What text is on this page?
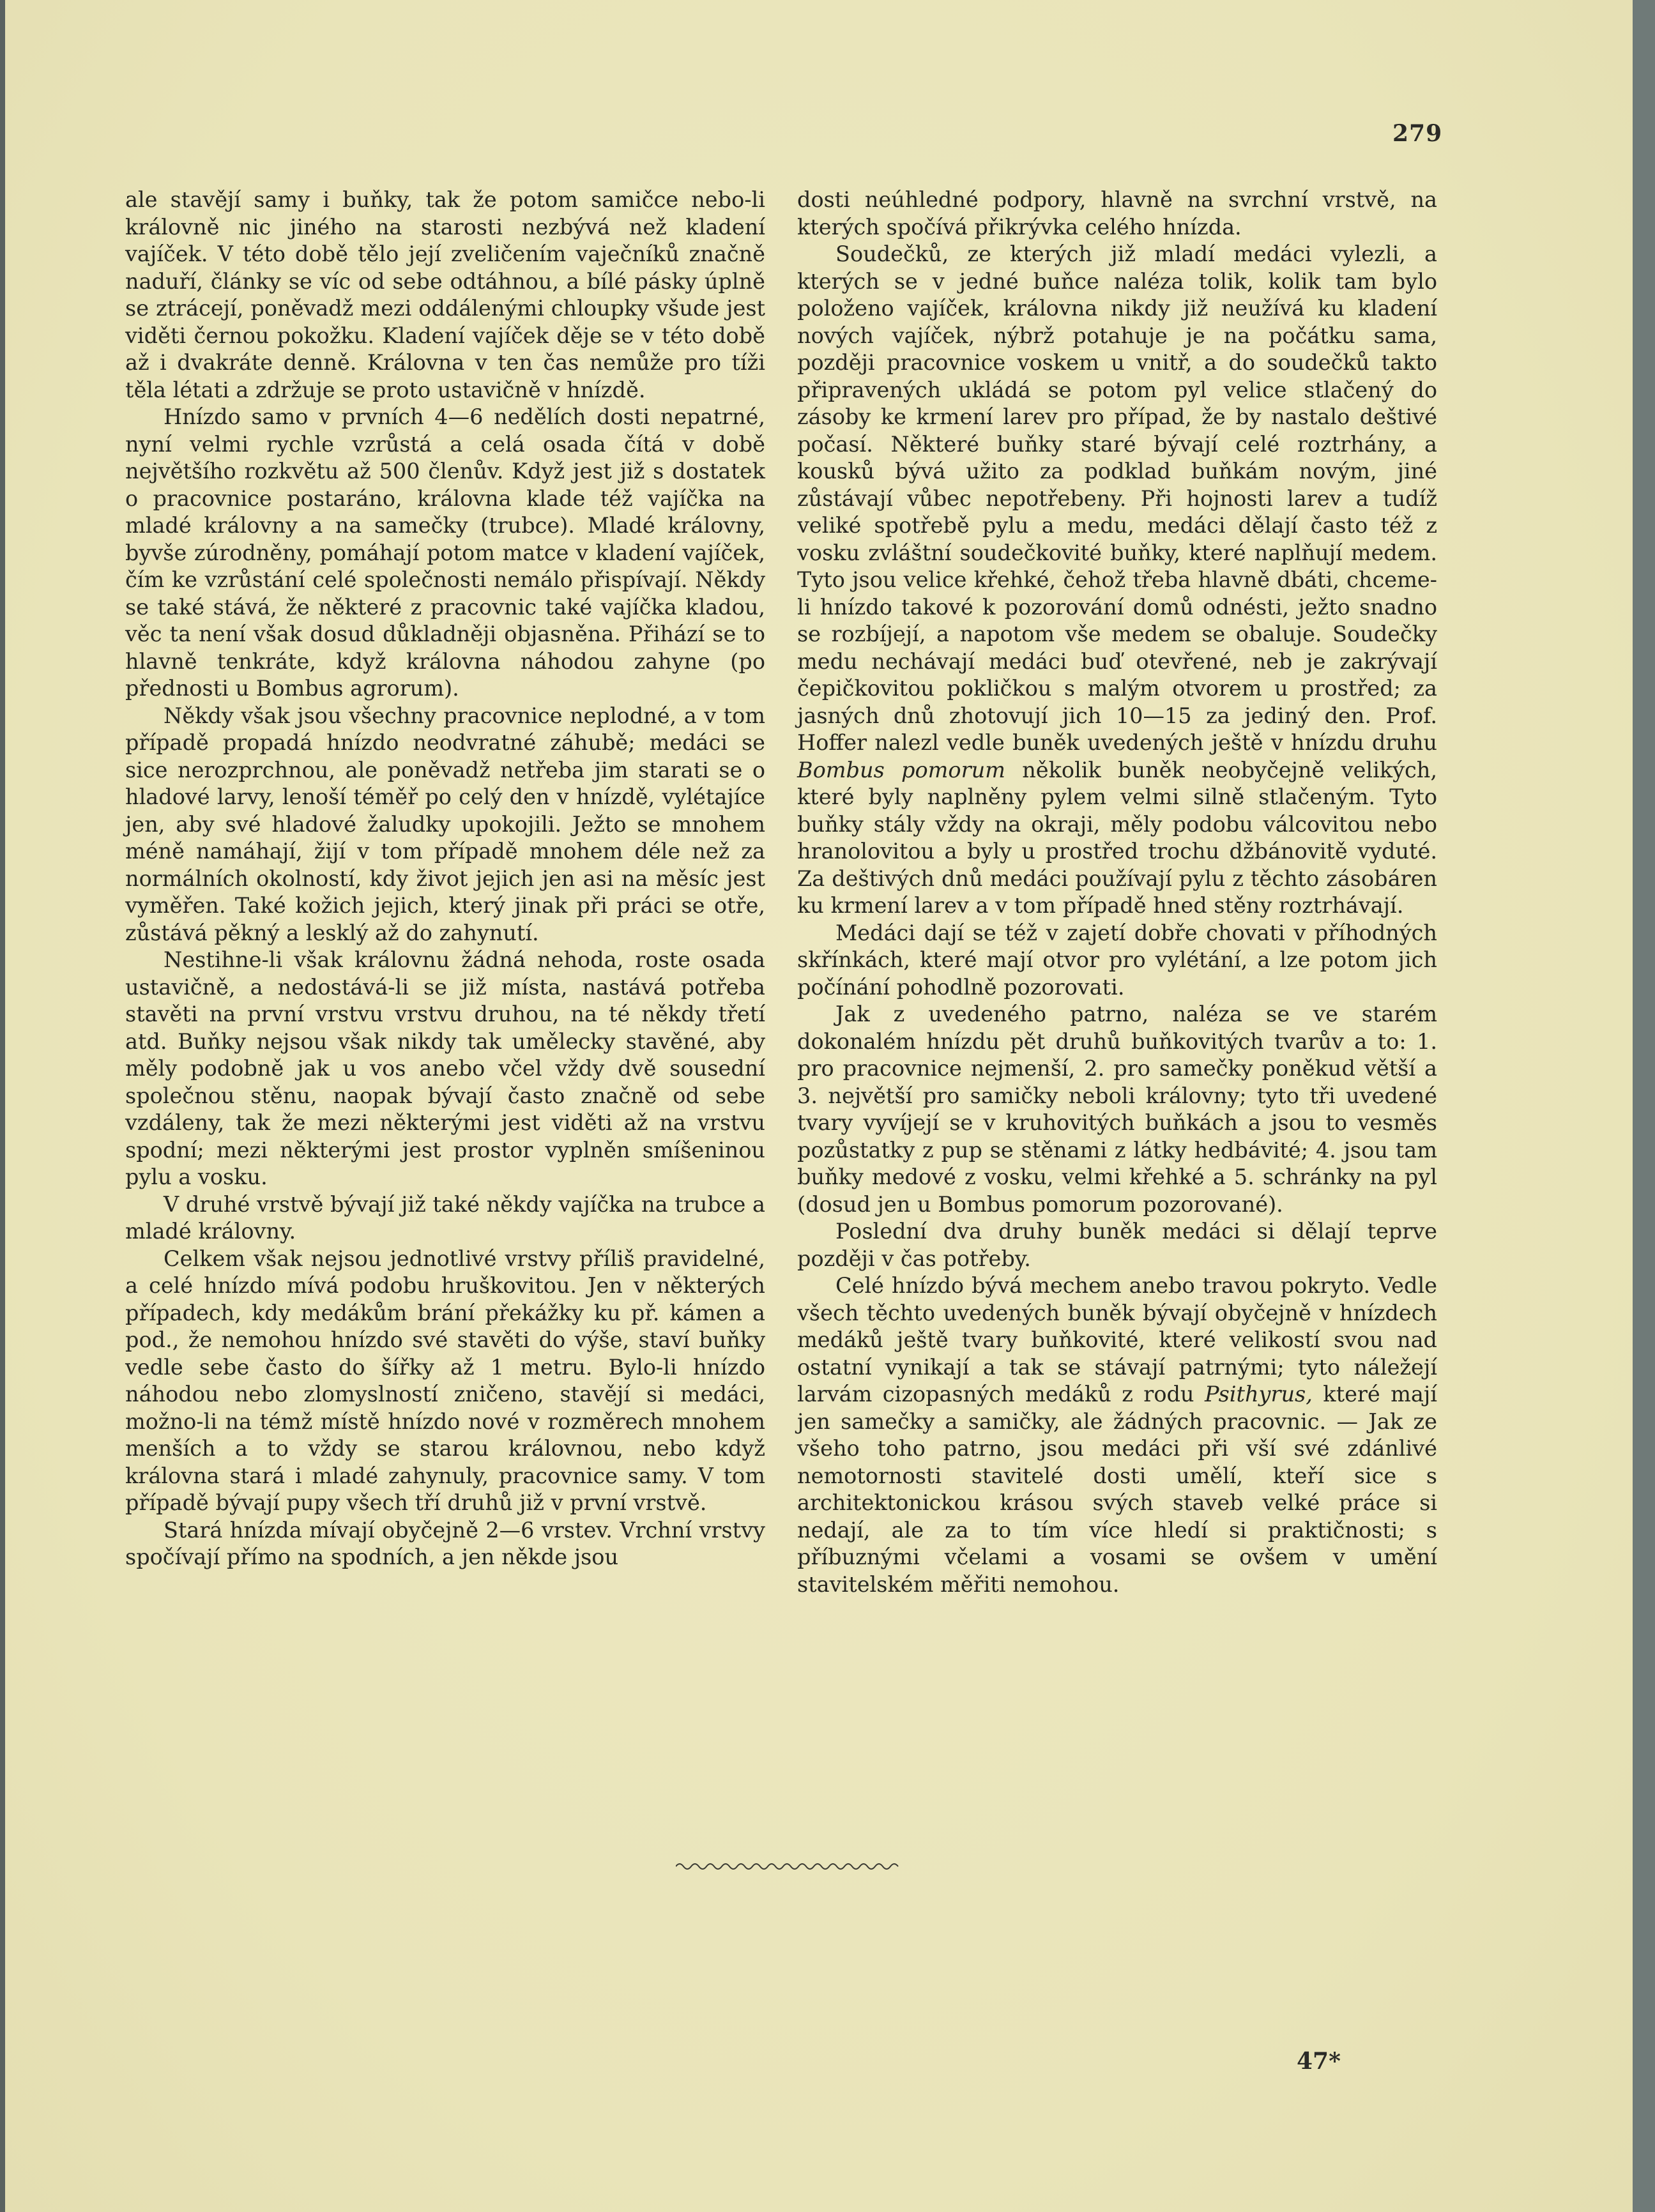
279

ale stavějí samy i buňky, tak že potom samičce nebo-li královně nic jiného na starosti nezbývá než kladení vajíček. V této době tělo její zveličením vaječníků značně naduří, články se víc od sebe odtáhnou, a bílé pásky úplně se ztrácejí, poněvadž mezi oddálenými chloupky všude jest viděti černou pokožku. Kladení vajíček děje se v této době až i dvakráte denně. Královna v ten čas nemůže pro tíži těla létati a zdržuje se proto ustavičně v hnízdě.

Hnízdo samo v prvních 4—6 nedělích dosti nepatrné, nyní velmi rychle vzrůstá a celá osada čítá v době největšího rozkvětu až 500 členův. Když jest již s dostatek o pracovnice postaráno, královna klade též vajíčka na mladé královny a na samečky (trubce). Mladé královny, byvše zúrodněny, pomáhají potom matce v kladení vajíček, čím ke vzrůstání celé společnosti nemálo přispívají. Někdy se také stává, že některé z pracovnic také vajíčka kladou, věc ta není však dosud důkladněji objasněna. Přihází se to hlavně tenkráte, když královna náhodou zahyne (po přednosti u Bombus agrorum).

Někdy však jsou všechny pracovnice neplodné, a v tom případě propadá hnízdo neodvratné záhubě; medáci se sice nerozprchnou, ale poněvadž netřeba jim starati se o hladové larvy, lenoší téměř po celý den v hnízdě, vylétajíce jen, aby své hladové žaludky upokojili. Ježto se mnohem méně namáhají, žijí v tom případě mnohem déle než za normálních okolností, kdy život jejich jen asi na měsíc jest vyměřen. Také kožich jejich, který jinak při práci se otře, zůstává pěkný a lesklý až do zahynutí.

Nestihne-li však královnu žádná nehoda, roste osada ustavičně, a nedostává-li se již místa, nastává potřeba stavěti na první vrstvu vrstvu druhou, na té někdy třetí atd. Buňky nejsou však nikdy tak umělecky stavěné, aby měly podobně jak u vos anebo včel vždy dvě sousední společnou stěnu, naopak bývají často značně od sebe vzdáleny, tak že mezi některými jest viděti až na vrstvu spodní; mezi některými jest prostor vyplněn smíšeninou pylu a vosku.

V druhé vrstvě bývají již také někdy vajíčka na trubce a mladé královny.

Celkem však nejsou jednotlivé vrstvy příliš pravidelné, a celé hnízdo mívá podobu hruškovitou. Jen v některých případech, kdy medákům brání překážky ku př. kámen a pod., že nemohou hnízdo své stavěti do výše, staví buňky vedle sebe často do šířky až 1 metru. Bylo-li hnízdo náhodou nebo zlomyslností zničeno, stavějí si medáci, možno-li na témž místě hnízdo nové v rozměrech mnohem menších a to vždy se starou královnou, nebo když královna stará i mladé zahynuly, pracovnice samy. V tom případě bývají pupy všech tří druhů již v první vrstvě.

Stará hnízda mívají obyčejně 2—6 vrstev. Vrchní vrstvy spočívají přímo na spodních, a jen někde jsou

dosti neúhledné podpory, hlavně na svrchní vrstvě, na kterých spočívá přikrývka celého hnízda.

Soudečků, ze kterých již mladí medáci vylezli, a kterých se v jedné buňce naléza tolik, kolik tam bylo položeno vajíček, královna nikdy již neužívá ku kladení nových vajíček, nýbrž potahuje je na počátku sama, později pracovnice voskem u vnitř, a do soudečků takto připravených ukládá se potom pyl velice stlačený do zásoby ke krmení larev pro případ, že by nastalo deštivé počasí. Některé buňky staré bývají celé roztrhány, a kousků bývá užito za podklad buňkám novým, jiné zůstávají vůbec nepotřebeny. Při hojnosti larev a tudíž veliké spotřebě pylu a medu, medáci dělají často též z vosku zvláštní soudečkovité buňky, které naplňují medem. Tyto jsou velice křehké, čehož třeba hlavně dbáti, chceme-li hnízdo takové k pozorování domů odnésti, ježto snadno se rozbíjejí, a napotom vše medem se obaluje. Soudečky medu nechávají medáci buď otevřené, neb je zakrývají čepičkovitou pokličkou s malým otvorem u prostřed; za jasných dnů zhotovují jich 10—15 za jediný den. Prof. Hoffer nalezl vedle buněk uvedených ještě v hnízdu druhu Bombus pomorum několik buněk neobyčejně velikých, které byly naplněny pylem velmi silně stlačeným. Tyto buňky stály vždy na okraji, měly podobu válcovitou nebo hranolovitou a byly u prostřed trochu džbánovitě vyduté. Za deštivých dnů medáci používají pylu z těchto zásobáren ku krmení larev a v tom případě hned stěny roztrhávají.

Medáci dají se též v zajetí dobře chovati v příhodných skřínkách, které mají otvor pro vylétání, a lze potom jich počínání pohodlně pozorovati.

Jak z uvedeného patrno, naléza se ve starém dokonalém hnízdu pět druhů buňkovitých tvarův a to: 1. pro pracovnice nejmenší, 2. pro samečky poněkud větší a 3. největší pro samičky neboli královny; tyto tři uvedené tvary vyvíjejí se v kruhovitých buňkách a jsou to vesměs pozůstatky z pup se stěnami z látky hedbávité; 4. jsou tam buňky medové z vosku, velmi křehké a 5. schránky na pyl (dosud jen u Bombus pomorum pozorované).

Poslední dva druhy buněk medáci si dělají teprve později v čas potřeby.

Celé hnízdo bývá mechem anebo travou pokryto. Vedle všech těchto uvedených buněk bývají obyčejně v hnízdech medáků ještě tvary buňkovité, které velikostí svou nad ostatní vynikají a tak se stávají patrnými; tyto náležejí larvám cizopasných medáků z rodu Psithyrus, které mají jen samečky a samičky, ale žádných pracovnic. — Jak ze všeho toho patrno, jsou medáci při vší své zdánlivé nemotornosti stavitelé dosti umělí, kteří sice s architektonickou krásou svých staveb velké práce si nedají, ale za to tím více hledí si praktičnosti; s příbuznými včelami a vosami se ovšem v umění stavitelském měřiti nemohou.

47*
